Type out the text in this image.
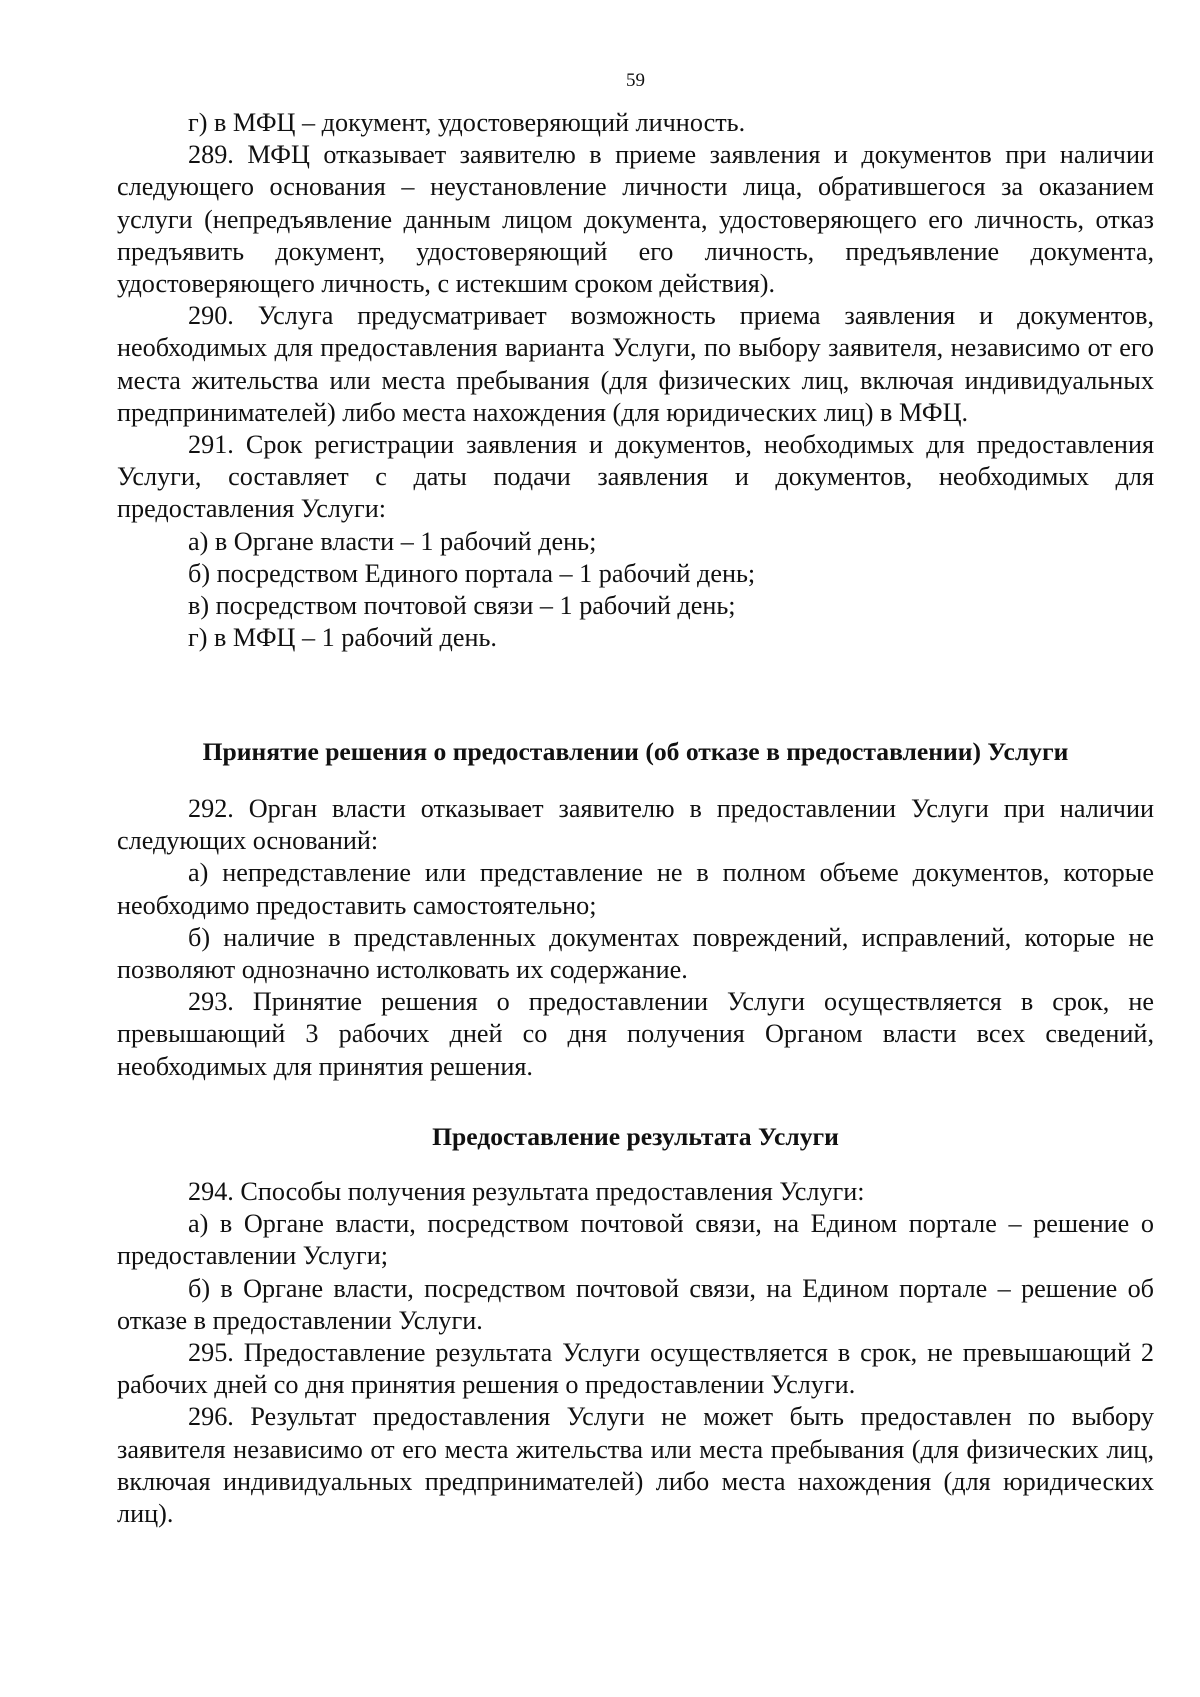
59

г) в МФЦ – документ, удостоверяющий личность.

289. МФЦ отказывает заявителю в приеме заявления и документов при наличии следующего основания – неустановление личности лица, обратившегося за оказанием услуги (непредъявление данным лицом документа, удостоверяющего его личность, отказ предъявить документ, удостоверяющий его личность, предъявление документа, удостоверяющего личность, с истекшим сроком действия).

290. Услуга предусматривает возможность приема заявления и документов, необходимых для предоставления варианта Услуги, по выбору заявителя, независимо от его места жительства или места пребывания (для физических лиц, включая индивидуальных предпринимателей) либо места нахождения (для юридических лиц) в МФЦ.

291. Срок регистрации заявления и документов, необходимых для предоставления Услуги, составляет с даты подачи заявления и документов, необходимых для предоставления Услуги:

а) в Органе власти – 1 рабочий день;

б) посредством Единого портала – 1 рабочий день;

в) посредством почтовой связи – 1 рабочий день;

г) в МФЦ – 1 рабочий день.

Принятие решения о предоставлении (об отказе в предоставлении) Услуги

292. Орган власти отказывает заявителю в предоставлении Услуги при наличии следующих оснований:

а) непредставление или представление не в полном объеме документов, которые необходимо предоставить самостоятельно;

б) наличие в представленных документах повреждений, исправлений, которые не позволяют однозначно истолковать их содержание.

293. Принятие решения о предоставлении Услуги осуществляется в срок, не превышающий 3 рабочих дней со дня получения Органом власти всех сведений, необходимых для принятия решения.

Предоставление результата Услуги

294. Способы получения результата предоставления Услуги:

а) в Органе власти, посредством почтовой связи, на Едином портале – решение о предоставлении Услуги;

б) в Органе власти, посредством почтовой связи, на Едином портале – решение об отказе в предоставлении Услуги.

295. Предоставление результата Услуги осуществляется в срок, не превышающий 2 рабочих дней со дня принятия решения о предоставлении Услуги.

296. Результат предоставления Услуги не может быть предоставлен по выбору заявителя независимо от его места жительства или места пребывания (для физических лиц, включая индивидуальных предпринимателей) либо места нахождения (для юридических лиц).
